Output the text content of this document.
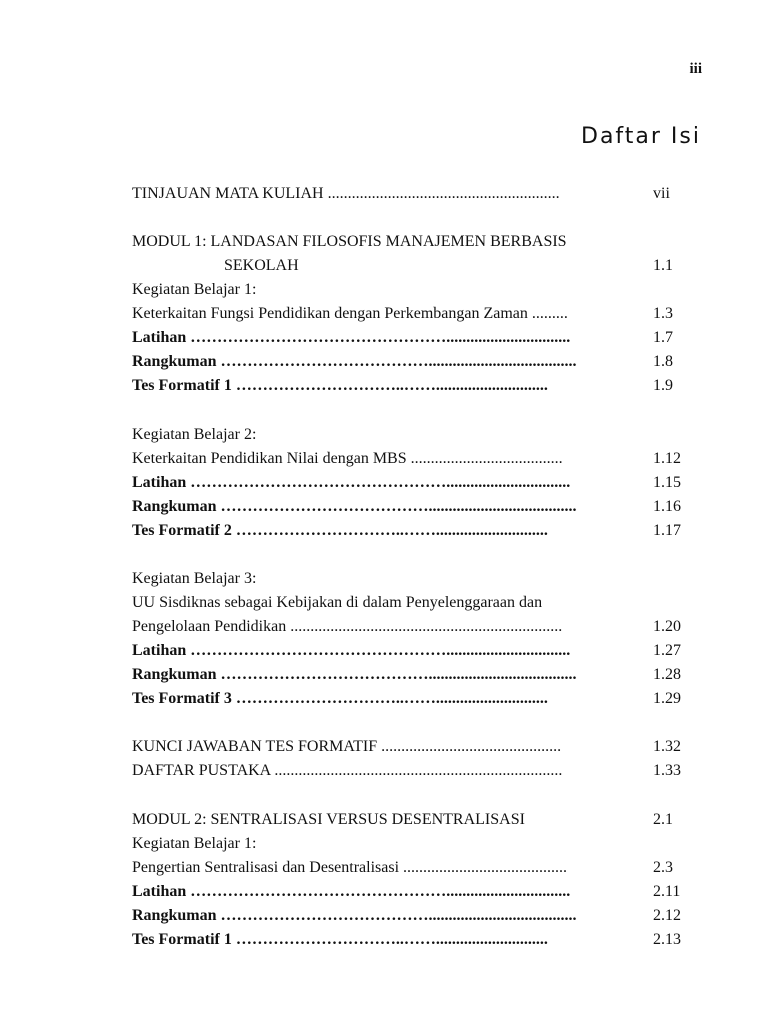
iii
Daftar Isi
TINJAUAN MATA KULIAH ..........................................................	vii
MODUL 1: LANDASAN FILOSOFIS MANAJEMEN BERBASIS
SEKOLAH	1.1
Kegiatan Belajar 1:
Keterkaitan Fungsi Pendidikan dengan Perkembangan Zaman .........	1.3
Latihan …………………………………………...............................	1.7
Rangkuman ………………………………….....................................	1.8
Tes Formatif 1 …………………………..……............................	1.9
Kegiatan Belajar 2:
Keterkaitan Pendidikan Nilai dengan MBS ......................................	1.12
Latihan …………………………………………...............................	1.15
Rangkuman ………………………………….....................................	1.16
Tes Formatif 2 …………………………..……............................	1.17
Kegiatan Belajar 3:
UU Sisdiknas sebagai Kebijakan di dalam Penyelenggaraan dan
Pengelolaan Pendidikan ....................................................................	1.20
Latihan …………………………………………...............................	1.27
Rangkuman ………………………………….....................................	1.28
Tes Formatif 3 …………………………..……............................	1.29
KUNCI JAWABAN TES FORMATIF .............................................	1.32
DAFTAR PUSTAKA ........................................................................	1.33
MODUL 2: SENTRALISASI VERSUS DESENTRALISASI	2.1
Kegiatan Belajar 1:
Pengertian Sentralisasi dan Desentralisasi .........................................	2.3
Latihan …………………………………………...............................	2.11
Rangkuman ………………………………….....................................	2.12
Tes Formatif 1 …………………………..……............................	2.13
